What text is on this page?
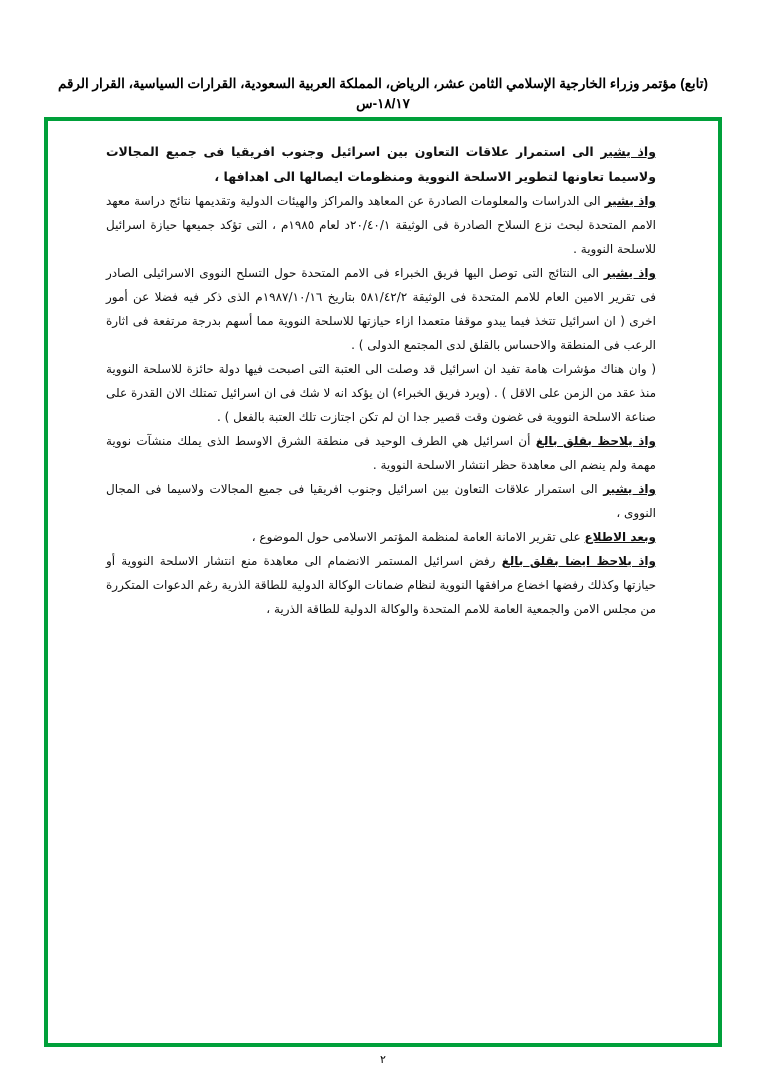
(تابع) مؤتمر وزراء الخارجية الإسلامي الثامن عشر، الرياض، المملكة العربية السعودية، القرارات السياسية، القرار الرقم ١٨/١٧-س

واذ يشير الى استمرار علاقات التعاون بين اسرائيل وجنوب افريقيا فى جميع المجالات ولاسيما تعاونها لتطوير الاسلحة النووية ومنظومات ايصالها الى اهدافها ،

واذ يشير الى الدراسات والمعلومات الصادرة عن المعاهد والمراكز والهيئات الدولية وتقديمها نتائج دراسة معهد الامم المتحدة لبحث نزع السلاح الصادرة فى الوثيقة ٢٠/٤٠/١د لعام ١٩٨٥م ، التى تؤكد جميعها حيازة اسرائيل للاسلحة النووية .

واذ يشير الى النتائج التى توصل اليها فريق الخبراء فى الامم المتحدة حول التسلح النووى الاسرائيلى الصادر فى تقرير الامين العام للامم المتحدة فى الوثيقة ٥٨١/٤٢/٢ بتاريخ ١٩٨٧/١٠/١٦م الذى ذكر فيه فضلا عن أمور اخرى ( ان اسرائيل تتخذ فيما يبدو موقفا متعمدا ازاء حيازتها للاسلحة النووية مما أسهم بدرجة مرتفعة فى اثارة الرعب فى المنطقة والاحساس بالقلق لدى المجتمع الدولى ) .

( وان هناك مؤشرات هامة تفيد ان اسرائيل قد وصلت الى العتبة التى اصبحت فيها دولة حائزة للاسلحة النووية منذ عقد من الزمن على الاقل ) . (ويرد فريق الخبراء) ان يؤكد انه لا شك فى ان اسرائيل تمتلك الان القدرة على صناعة الاسلحة النووية فى غضون وقت قصير جدا ان لم تكن اجتازت تلك العتبة بالفعل ) .

واذ يلاحظ بقلق بالغ أن اسرائيل هي الطرف الوحيد فى منطقة الشرق الاوسط الذى يملك منشآت نووية مهمة ولم ينضم الى معاهدة حظر انتشار الاسلحة النووية .

واذ يشير الى استمرار علاقات التعاون بين اسرائيل وجنوب افريقيا فى جميع المجالات ولاسيما فى المجال النووى ،

وبعد الاطلاع على تقرير الامانة العامة لمنظمة المؤتمر الاسلامى حول الموضوع ،

واذ يلاحظ ايضا بقلق بالغ رفض اسرائيل المستمر الانضمام الى معاهدة منع انتشار الاسلحة النووية أو حيازتها وكذلك رفضها اخضاع مرافقها النووية لنظام ضمانات الوكالة الدولية للطاقة الذرية رغم الدعوات المتكررة من مجلس الامن والجمعية العامة للامم المتحدة والوكالة الدولية للطاقة الذرية ،

٢
